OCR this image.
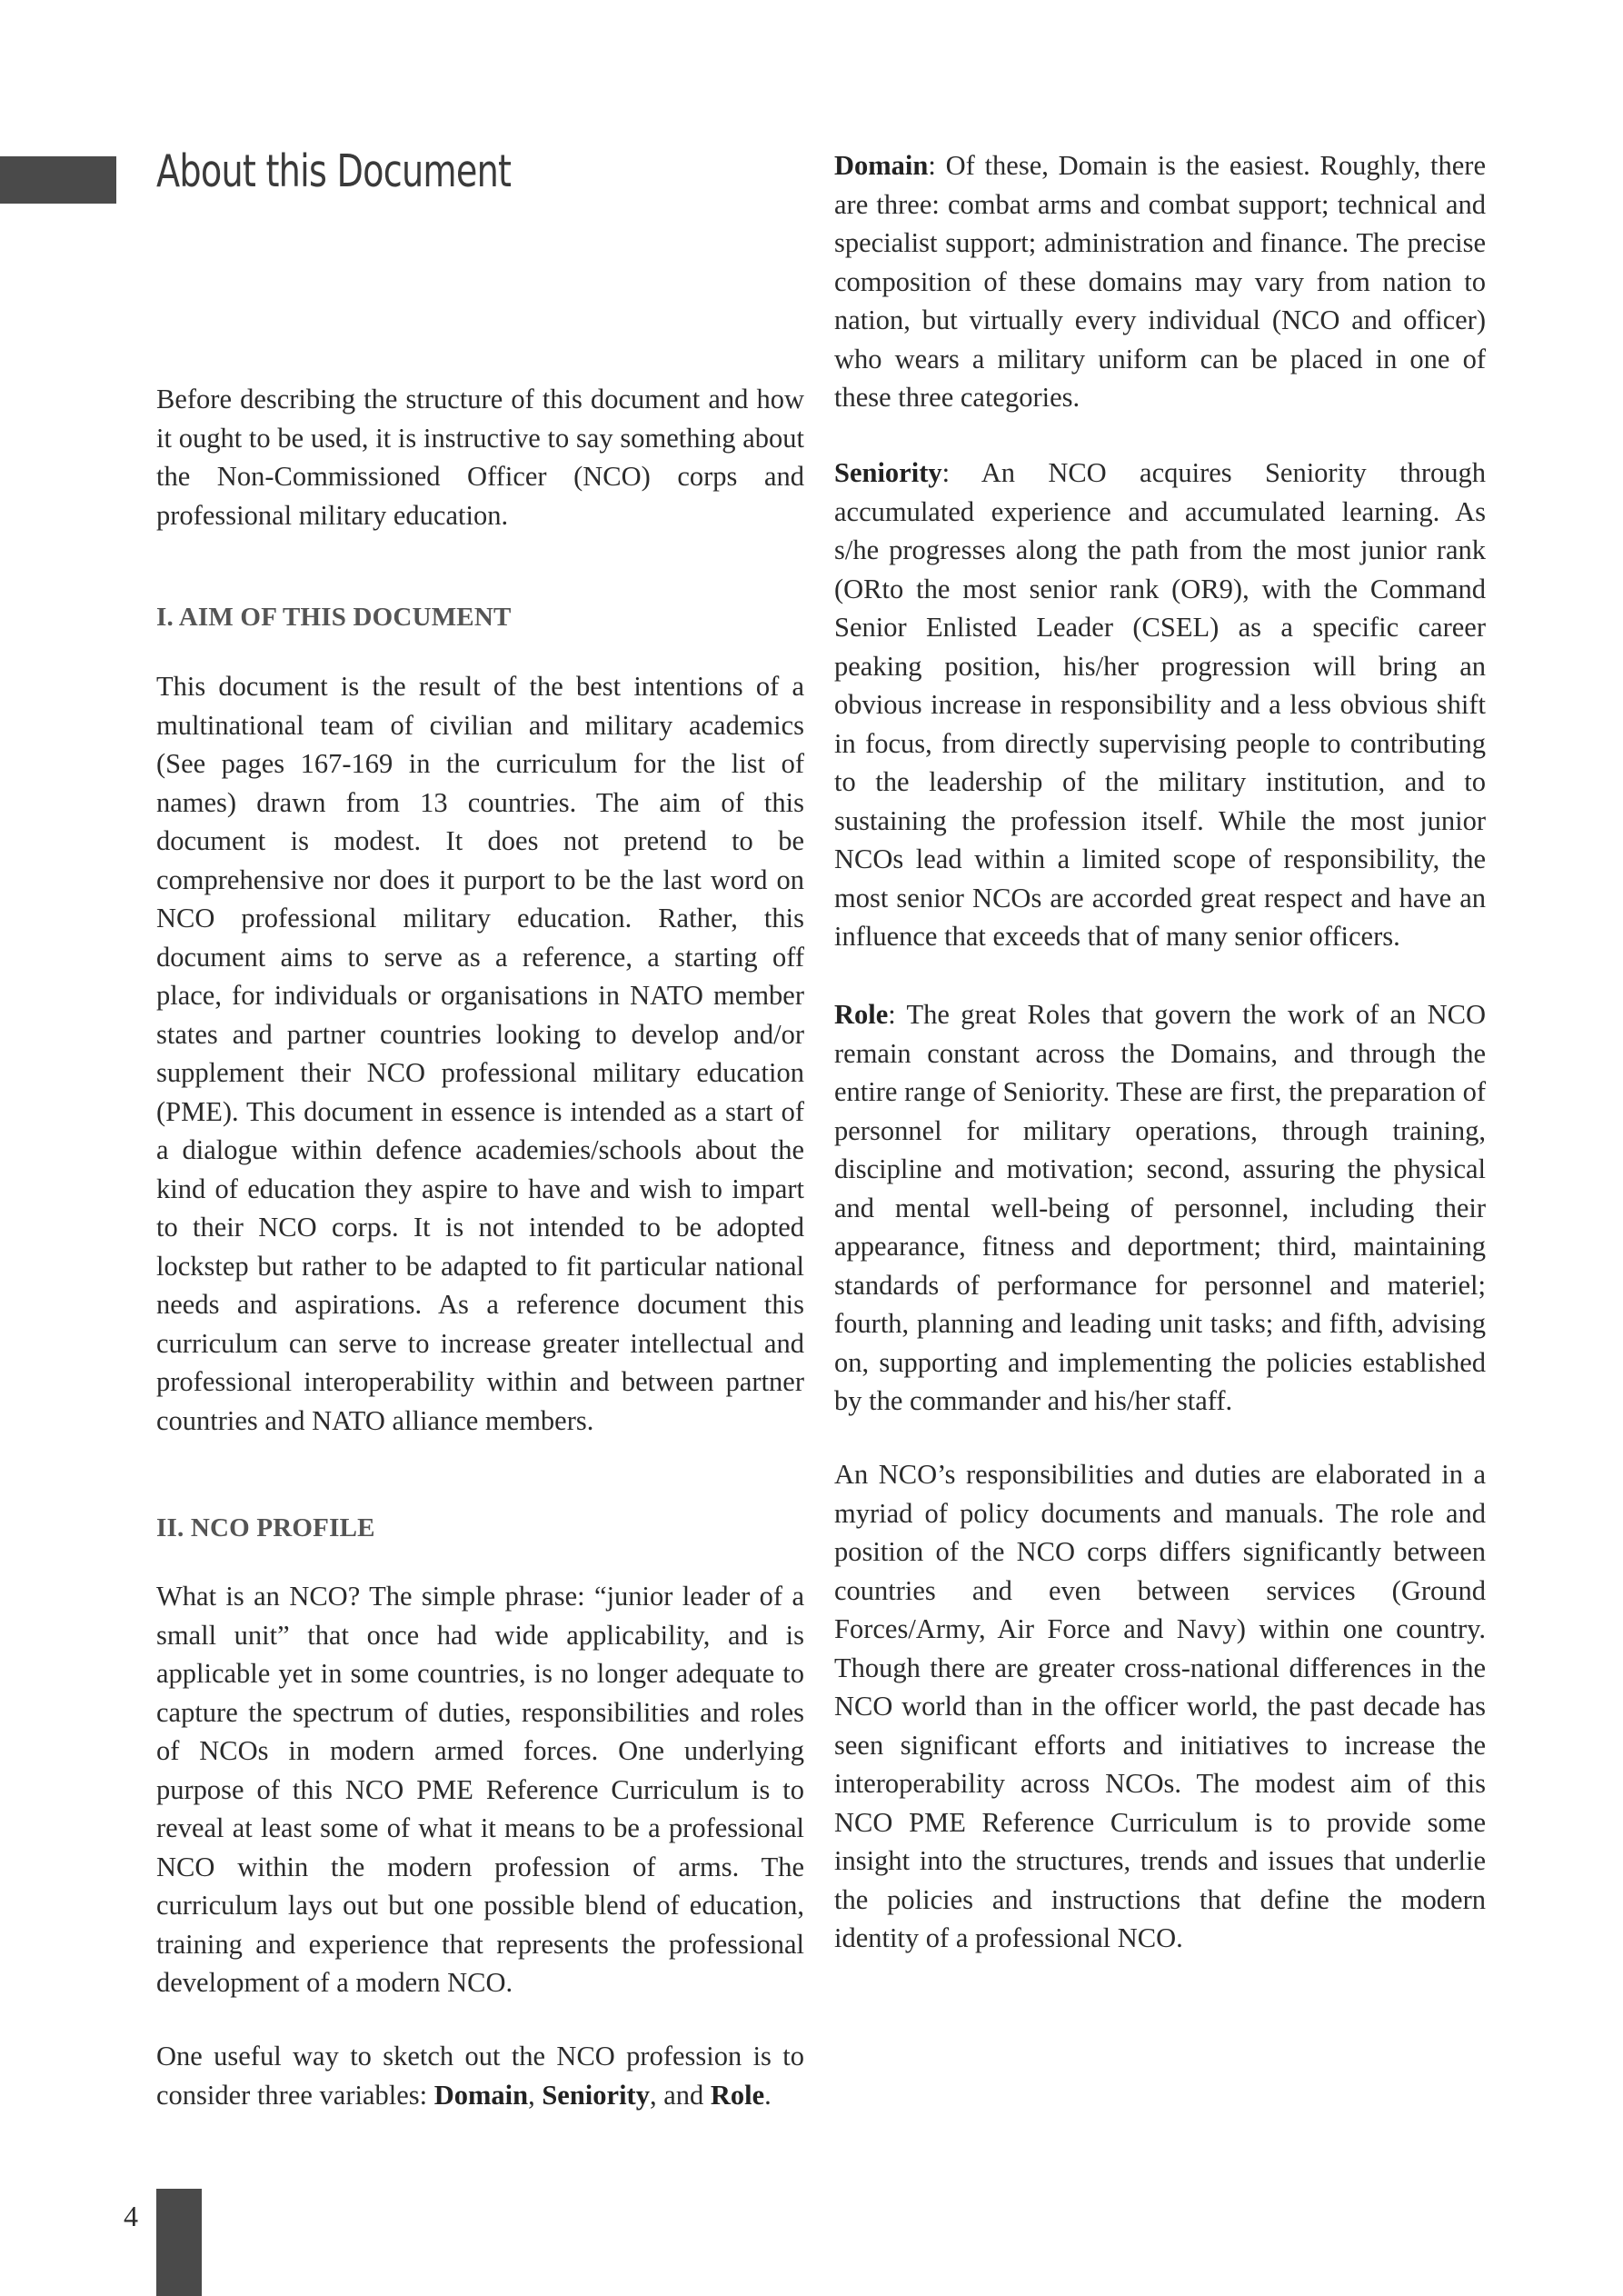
About this Document

Before describing the structure of this document and how it ought to be used, it is instructive to say something about the Non-Commissioned Officer (NCO) corps and professional military education.

I. AIM OF THIS DOCUMENT

This document is the result of the best intentions of a multinational team of civilian and military academics (See pages 167-169 in the curriculum for the list of names) drawn from 13 countries. The aim of this document is modest. It does not pretend to be comprehensive nor does it purport to be the last word on NCO professional military education. Rather, this document aims to serve as a reference, a starting off place, for individuals or organisations in NATO member states and partner countries looking to develop and/or supplement their NCO professional military education (PME). This document in essence is intended as a start of a dialogue within defence academies/schools about the kind of education they aspire to have and wish to impart to their NCO corps. It is not intended to be adopted lockstep but rather to be adapted to fit particular national needs and aspirations. As a reference document this curriculum can serve to increase greater intellectual and professional interoperability within and between partner countries and NATO alliance members.

II. NCO PROFILE

What is an NCO? The simple phrase: “junior leader of a small unit” that once had wide applicability, and is applicable yet in some countries, is no longer adequate to capture the spectrum of duties, responsibilities and roles of NCOs in modern armed forces. One underlying purpose of this NCO PME Reference Curriculum is to reveal at least some of what it means to be a professional NCO within the modern profession of arms. The curriculum lays out but one possible blend of education, training and experience that represents the professional development of a modern NCO.

One useful way to sketch out the NCO profession is to consider three variables: Domain, Seniority, and Role.

Domain: Of these, Domain is the easiest. Roughly, there are three: combat arms and combat support; technical and specialist support; administration and finance. The precise composition of these domains may vary from nation to nation, but virtually every individual (NCO and officer) who wears a military uniform can be placed in one of these three categories.

Seniority: An NCO acquires Seniority through accumulated experience and accumulated learning. As s/he progresses along the path from the most junior rank (ORto the most senior rank (OR9), with the Command Senior Enlisted Leader (CSEL) as a specific career peaking position, his/her progression will bring an obvious increase in responsibility and a less obvious shift in focus, from directly supervising people to contributing to the leadership of the military institution, and to sustaining the profession itself. While the most junior NCOs lead within a limited scope of responsibility, the most senior NCOs are accorded great respect and have an influence that exceeds that of many senior officers.

Role: The great Roles that govern the work of an NCO remain constant across the Domains, and through the entire range of Seniority. These are first, the preparation of personnel for military operations, through training, discipline and motivation; second, assuring the physical and mental well-being of personnel, including their appearance, fitness and deportment; third, maintaining standards of performance for personnel and materiel; fourth, planning and leading unit tasks; and fifth, advising on, supporting and implementing the policies established by the commander and his/her staff.

An NCO’s responsibilities and duties are elaborated in a myriad of policy documents and manuals. The role and position of the NCO corps differs significantly between countries and even between services (Ground Forces/Army, Air Force and Navy) within one country. Though there are greater cross-national differences in the NCO world than in the officer world, the past decade has seen significant efforts and initiatives to increase the interoperability across NCOs. The modest aim of this NCO PME Reference Curriculum is to provide some insight into the structures, trends and issues that underlie the policies and instructions that define the modern identity of a professional NCO.

4
